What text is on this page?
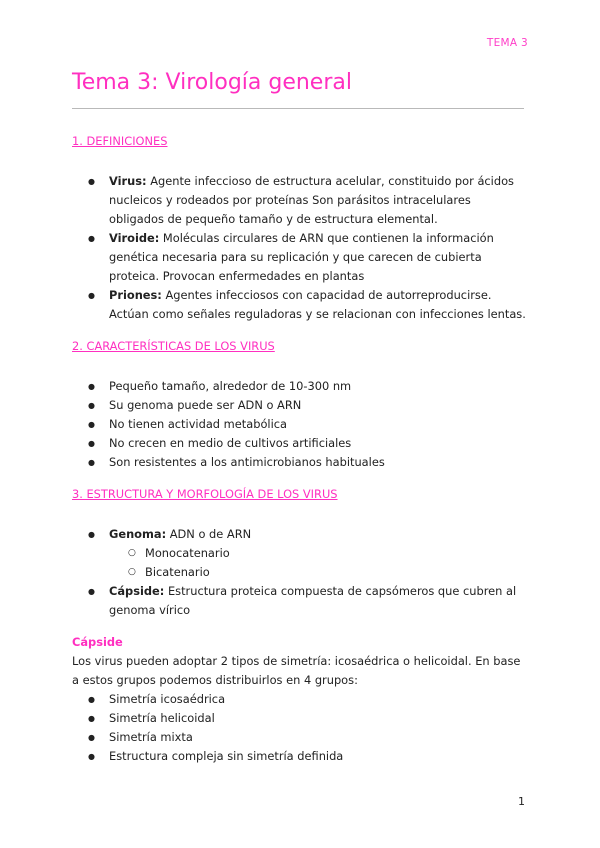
TEMA 3
Tema 3: Virología general
1. DEFINICIONES
● Virus: Agente infeccioso de estructura acelular, constituido por ácidos nucleicos y rodeados por proteínas Son parásitos intracelulares obligados de pequeño tamaño y de estructura elemental.
● Viroide: Moléculas circulares de ARN que contienen la información genética necesaria para su replicación y que carecen de cubierta proteica. Provocan enfermedades en plantas
● Priones: Agentes infecciosos con capacidad de autorreproducirse. Actúan como señales reguladoras y se relacionan con infecciones lentas.
2. CARACTERÍSTICAS DE LOS VIRUS
● Pequeño tamaño, alrededor de 10-300 nm
● Su genoma puede ser ADN o ARN
● No tienen actividad metabólica
● No crecen en medio de cultivos artificiales
● Son resistentes a los antimicrobianos habituales
3. ESTRUCTURA Y MORFOLOGÍA DE LOS VIRUS
● Genoma: ADN o de ARN
○ Monocatenario
○ Bicatenario
● Cápside: Estructura proteica compuesta de capsómeros que cubren al genoma vírico
Cápside

Los virus pueden adoptar 2 tipos de simetría: icosaédrica o helicoidal. En base a estos grupos podemos distribuirlos en 4 grupos:

● Simetría icosaédrica
● Simetría helicoidal
● Simetría mixta
● Estructura compleja sin simetría definida
1
